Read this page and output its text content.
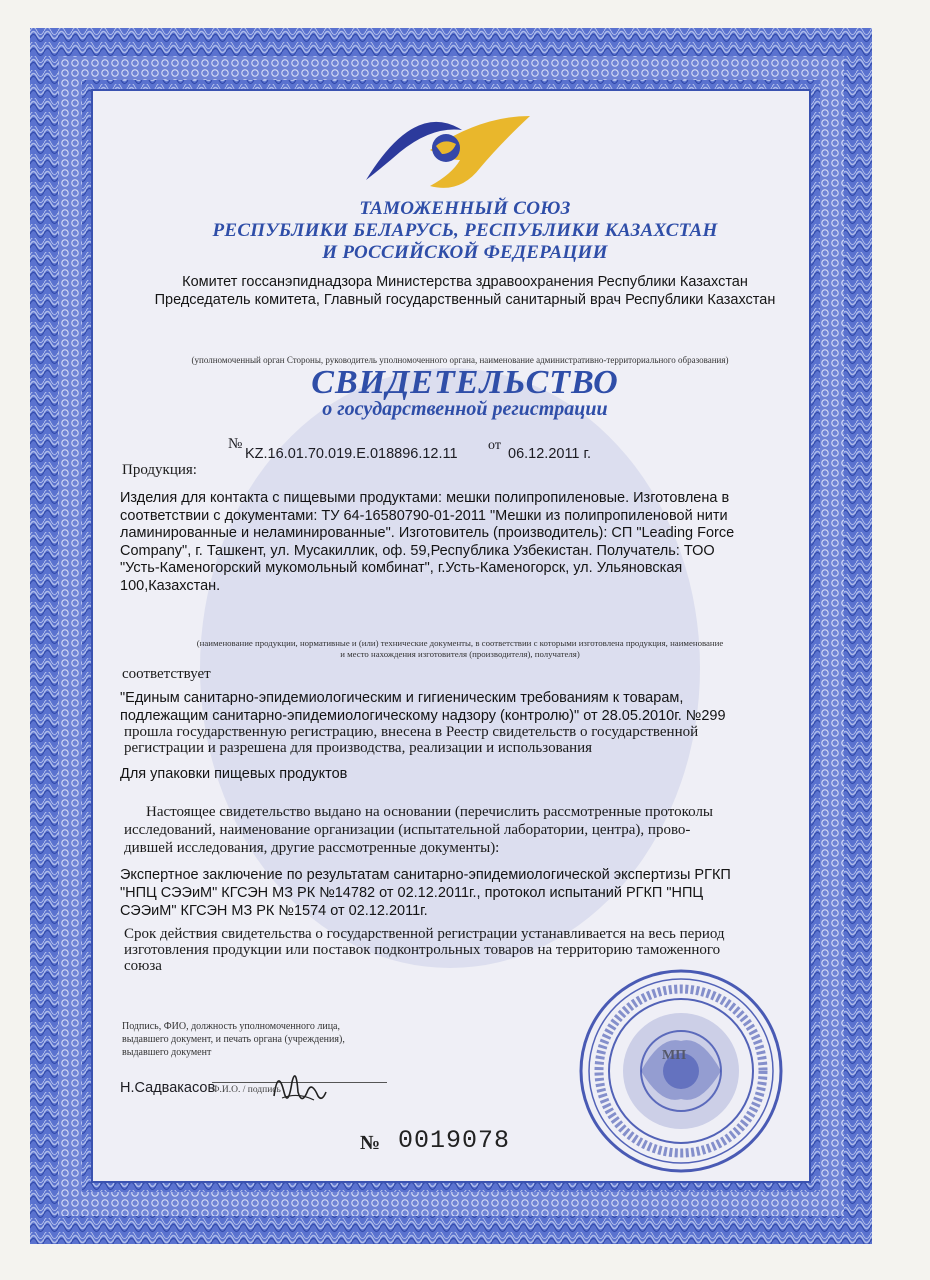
ТАМОЖЕННЫЙ СОЮЗ
РЕСПУБЛИКИ БЕЛАРУСЬ, РЕСПУБЛИКИ КАЗАХСТАН
И РОССИЙСКОЙ ФЕДЕРАЦИИ
Комитет госсанэпиднадзора Министерства здравоохранения Республики Казахстан
Председатель комитета, Главный государственный санитарный врач Республики Казахстан
(уполномоченный орган Стороны, руководитель уполномоченного органа, наименование административно-территориального образования)
СВИДЕТЕЛЬСТВО
о государственной регистрации
№
KZ.16.01.70.019.E.018896.12.11
от
06.12.2011 г.
Продукция:
Изделия для контакта с пищевыми продуктами: мешки полипропиленовые. Изготовлена в
соответствии с документами: ТУ 64-16580790-01-2011 "Мешки из полипропиленовой нити
ламинированные и неламинированные". Изготовитель (производитель): СП "Leading Force
Company", г. Ташкент, ул. Мусакиллик, оф. 59,Республика Узбекистан. Получатель: ТОО
"Усть-Каменогорский мукомольный комбинат", г.Усть-Каменогорск, ул. Ульяновская
100,Казахстан.
(наименование продукции, нормативные и (или) технические документы, в соответствии с которыми изготовлена продукция, наименование
и место нахождения изготовителя (производителя), получателя)
соответствует
"Единым санитарно-эпидемиологическим и гигиеническим требованиям к товарам,
подлежащим санитарно-эпидемиологическому надзору (контролю)" от 28.05.2010г. №299
прошла государственную регистрацию, внесена в Реестр свидетельств о государственной
регистрации и разрешена для производства, реализации и использования
Для упаковки пищевых продуктов
Настоящее свидетельство выдано на основании (перечислить рассмотренные протоколы
исследований, наименование организации (испытательной лаборатории, центра), прово-
дившей исследования, другие рассмотренные документы):
Экспертное заключение по результатам санитарно-эпидемиологической экспертизы РГКП
"НПЦ СЭЭиМ" КГСЭН МЗ РК №14782 от 02.12.2011г., протокол испытаний РГКП "НПЦ
СЭЭиМ" КГСЭН МЗ РК №1574 от 02.12.2011г.
Срок действия свидетельства о государственной регистрации устанавливается на весь период
изготовления продукции или поставок подконтрольных товаров на территорию таможенного
союза
Подпись, ФИО, должность уполномоченного лица,
выдавшего документ, и печать органа (учреждения),
выдавшего документ
Н.Садвакасов
Ф.И.О. / подпись
№ 0019078
МП
